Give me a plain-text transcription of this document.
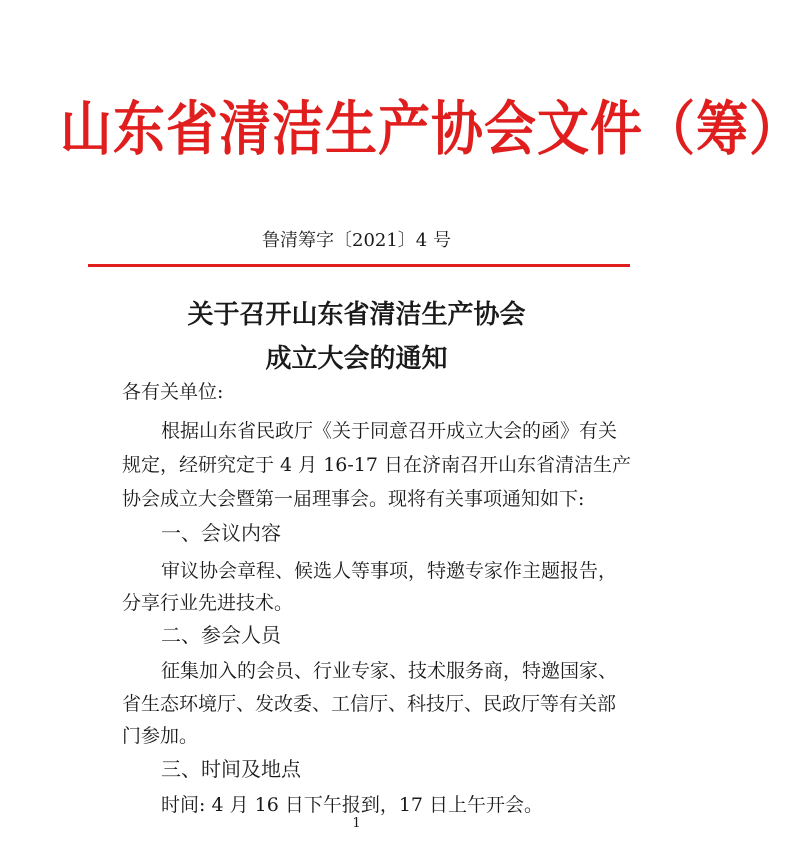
山东省清洁生产协会文件（筹）
鲁清筹字〔2021〕4 号
关于召开山东省清洁生产协会
成立大会的通知
各有关单位:
根据山东省民政厅《关于同意召开成立大会的函》有关
规定，经研究定于 4 月 16-17 日在济南召开山东省清洁生产
协会成立大会暨第一届理事会。现将有关事项通知如下:
一、会议内容
审议协会章程、候选人等事项，特邀专家作主题报告，
分享行业先进技术。
二、参会人员
征集加入的会员、行业专家、技术服务商，特邀国家、
省生态环境厅、发改委、工信厅、科技厅、民政厅等有关部
门参加。
三、时间及地点
时间: 4 月 16 日下午报到，17 日上午开会。
1
